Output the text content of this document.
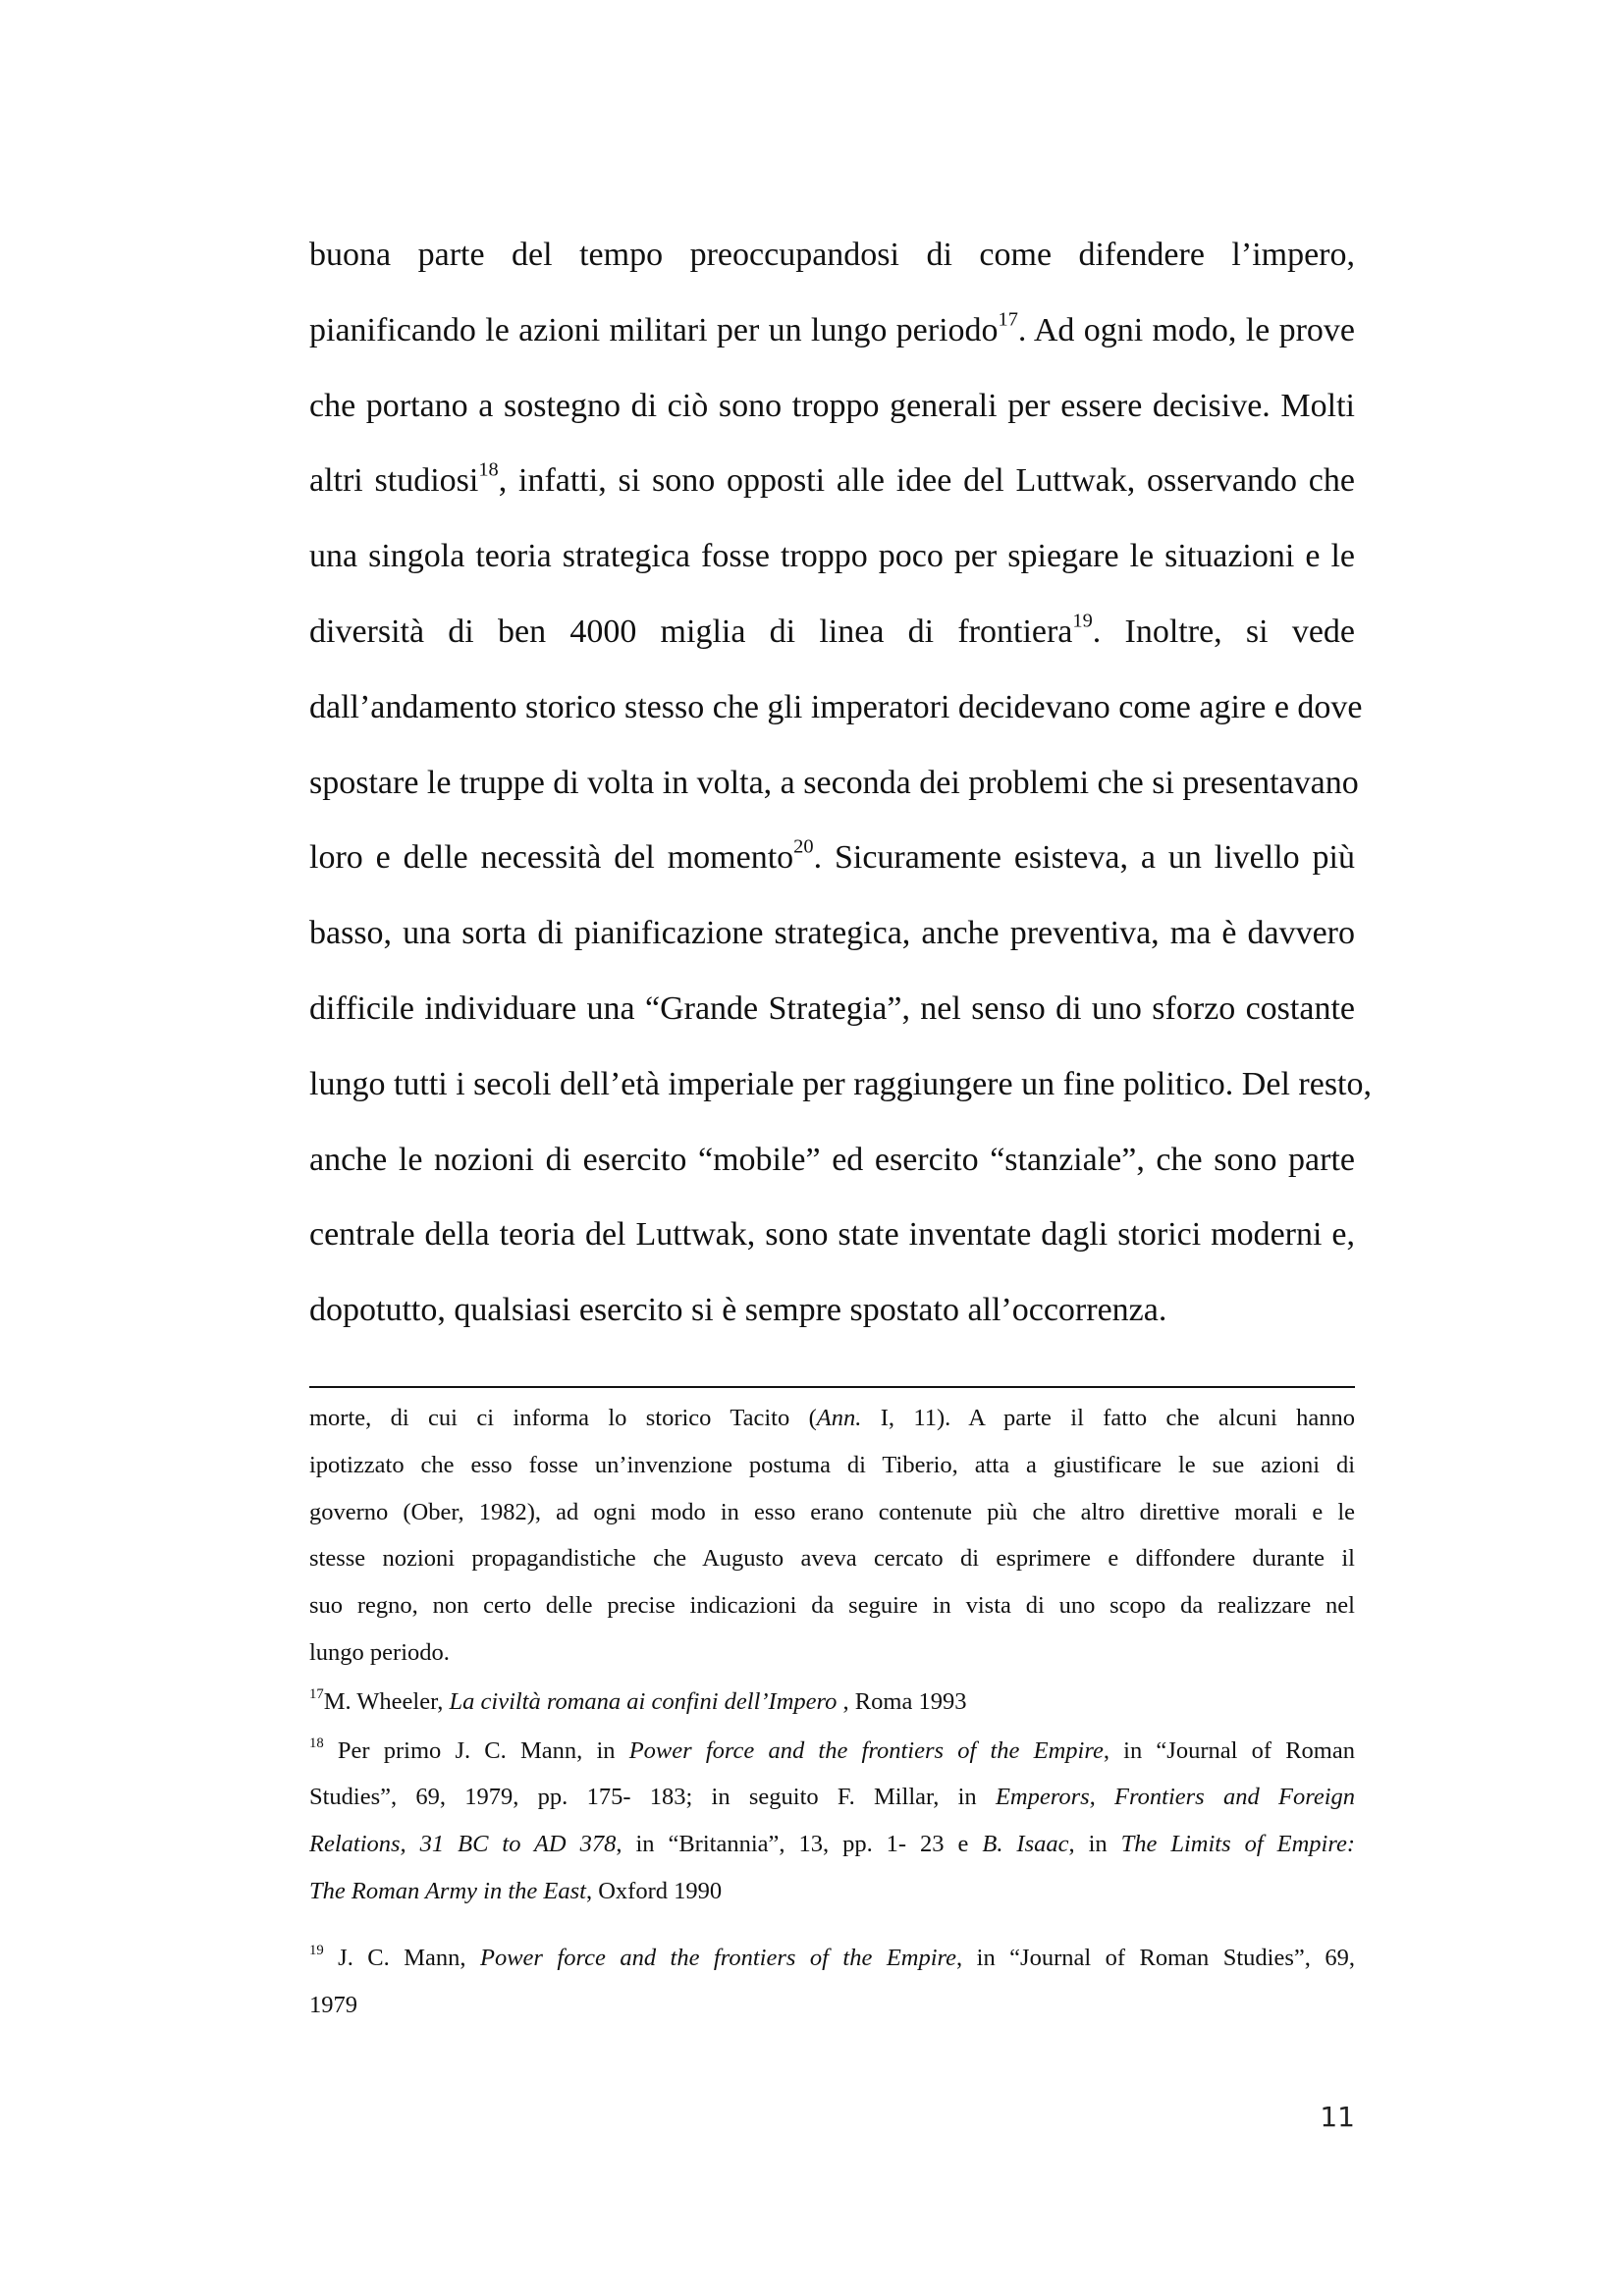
buona parte del tempo preoccupandosi di come difendere l’impero,
pianificando le azioni militari per un lungo periodo$^{17}$. Ad ogni modo, le prove
che portano a sostegno di ciò sono troppo generali per essere decisive. Molti
altri studiosi$^{18}$, infatti, si sono opposti alle idee del Luttwak, osservando che
una singola teoria strategica fosse troppo poco per spiegare le situazioni e le
diversità di ben 4000 miglia di linea di frontiera$^{19}$. Inoltre, si vede
dall’andamento storico stesso che gli imperatori decidevano come agire e dove
spostare le truppe di volta in volta, a seconda dei problemi che si presentavano
loro e delle necessità del momento$^{20}$. Sicuramente esisteva, a un livello più
basso, una sorta di pianificazione strategica, anche preventiva, ma è davvero
difficile individuare una “Grande Strategia”, nel senso di uno sforzo costante
lungo tutti i secoli dell’età imperiale per raggiungere un fine politico. Del resto,
anche le nozioni di esercito “mobile” ed esercito “stanziale”, che sono parte
centrale della teoria del Luttwak, sono state inventate dagli storici moderni e,
dopotutto, qualsiasi esercito si è sempre spostato all’occorrenza.
morte, di cui ci informa lo storico Tacito (Ann. I, 11). A parte il fatto che alcuni hanno
ipotizzato che esso fosse un’invenzione postuma di Tiberio, atta a giustificare le sue azioni di
governo (Ober, 1982), ad ogni modo in esso erano contenute più che altro direttive morali e le
stesse nozioni propagandistiche che Augusto aveva cercato di esprimere e diffondere durante il
suo regno, non certo delle precise indicazioni da seguire in vista di uno scopo da realizzare nel
lungo periodo.
$^{17}$M. Wheeler, La civiltà romana ai confini dell’Impero , Roma 1993
$^{18}$ Per primo J. C. Mann, in Power force and the frontiers of the Empire, in “Journal of Roman
Studies”, 69, 1979, pp. 175- 183; in seguito F. Millar, in Emperors, Frontiers and Foreign
Relations, 31 BC to AD 378, in “Britannia”, 13, pp. 1- 23 e B. Isaac, in The Limits of Empire:
The Roman Army in the East, Oxford 1990
$^{19}$ J. C. Mann, Power force and the frontiers of the Empire, in “Journal of Roman Studies”, 69,
1979
11
